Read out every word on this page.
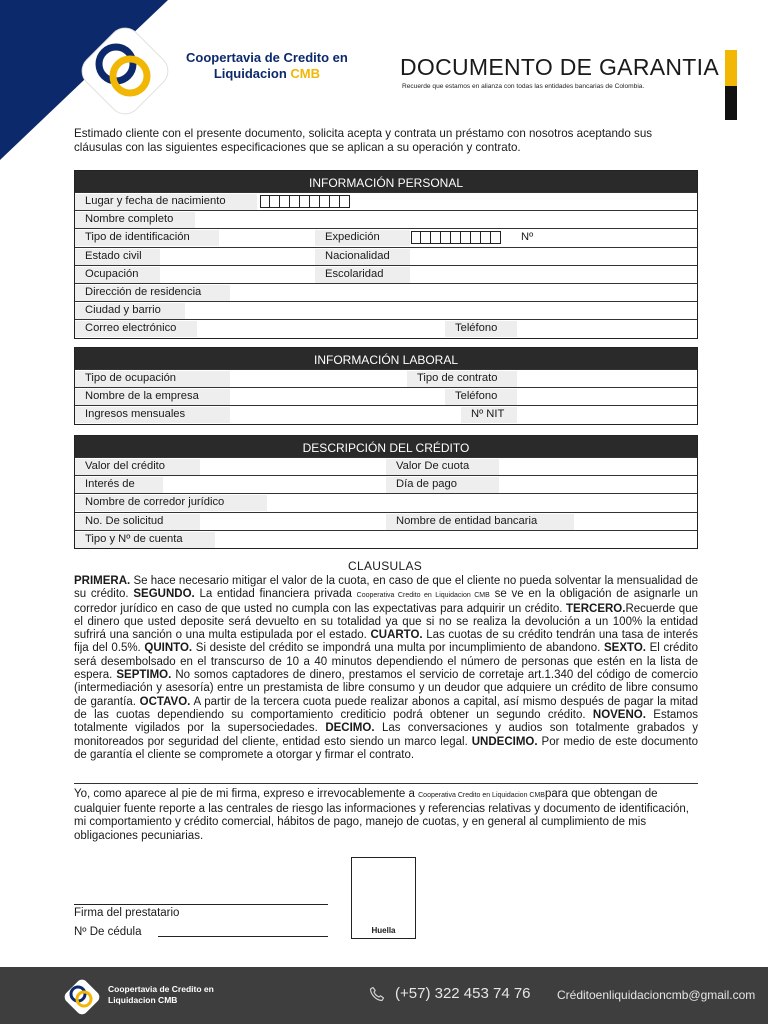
Coopertavia de Credito en
Liquidacion CMB	DOCUMENTO DE GARANTIA
Recuerde que estamos en alianza con todas las entidades bancarias de Colombia.
Estimado cliente con el presente documento, solicita acepta y contrata un préstamo con nosotros aceptando sus cláusulas con las siguientes especificaciones que se aplican a su operación y contrato.
INFORMACIÓN PERSONAL
Lugar y fecha de nacimiento
Nombre completo
Tipo de identificación	Expedición	Nº
Estado civil	Nacionalidad
Ocupación	Escolaridad
Dirección de residencia
Ciudad y barrio
Correo electrónico	Teléfono
INFORMACIÓN LABORAL
Tipo de ocupación	Tipo de contrato
Nombre de la empresa	Teléfono
Ingresos mensuales	Nº NIT
DESCRIPCIÓN DEL CRÉDITO
Valor del crédito	Valor De cuota
Interés de	Día de pago
Nombre de corredor jurídico
No. De solicitud	Nombre de entidad bancaria
Tipo y Nº de cuenta
CLAUSULAS
PRIMERA. Se hace necesario mitigar el valor de la cuota, en caso de que el cliente no pueda solventar la mensualidad de su crédito. SEGUNDO. La entidad financiera privada Cooperativa Credito en Liquidacion CMB se ve en la obligación de asignarle un corredor jurídico en caso de que usted no cumpla con las expectativas para adquirir un crédito. TERCERO.Recuerde que el dinero que usted deposite será devuelto en su totalidad ya que si no se realiza la devolución a un 100% la entidad sufrirá una sanción o una multa estipulada por el estado. CUARTO. Las cuotas de su crédito tendrán una tasa de interés fija del 0.5%. QUINTO. Si desiste del crédito se impondrá una multa por incumplimiento de abandono. SEXTO. El crédito será desembolsado en el transcurso de 10 a 40 minutos dependiendo el número de personas que estén en la lista de espera. SEPTIMO. No somos captadores de dinero, prestamos el servicio de corretaje art.1.340 del código de comercio (intermediación y asesoría) entre un prestamista de libre consumo y un deudor que adquiere un crédito de libre consumo de garantía. OCTAVO. A partir de la tercera cuota puede realizar abonos a capital, así mismo después de pagar la mitad de las cuotas dependiendo su comportamiento crediticio podrá obtener un segundo crédito. NOVENO. Estamos totalmente vigilados por la supersociedades. DECIMO. Las conversaciones y audios son totalmente grabados y monitoreados por seguridad del cliente, entidad esto siendo un marco legal. UNDECIMO. Por medio de este documento de garantía el cliente se compromete a otorgar y firmar el contrato.
Yo, como aparece al pie de mi firma, expreso e irrevocablemente a Cooperativa Credito en Liquidacion CMBpara que obtengan de cualquier fuente reporte a las centrales de riesgo las informaciones y referencias relativas y documento de identificación, mi comportamiento y crédito comercial, hábitos de pago, manejo de cuotas, y en general al cumplimiento de mis obligaciones pecuniarias.
Firma del prestatario
Nº De cédula	Huella
Coopertavia de Credito en
Liquidacion CMB	(+57) 322 453 74 76 Créditoenliquidacioncmb@gmail.com
